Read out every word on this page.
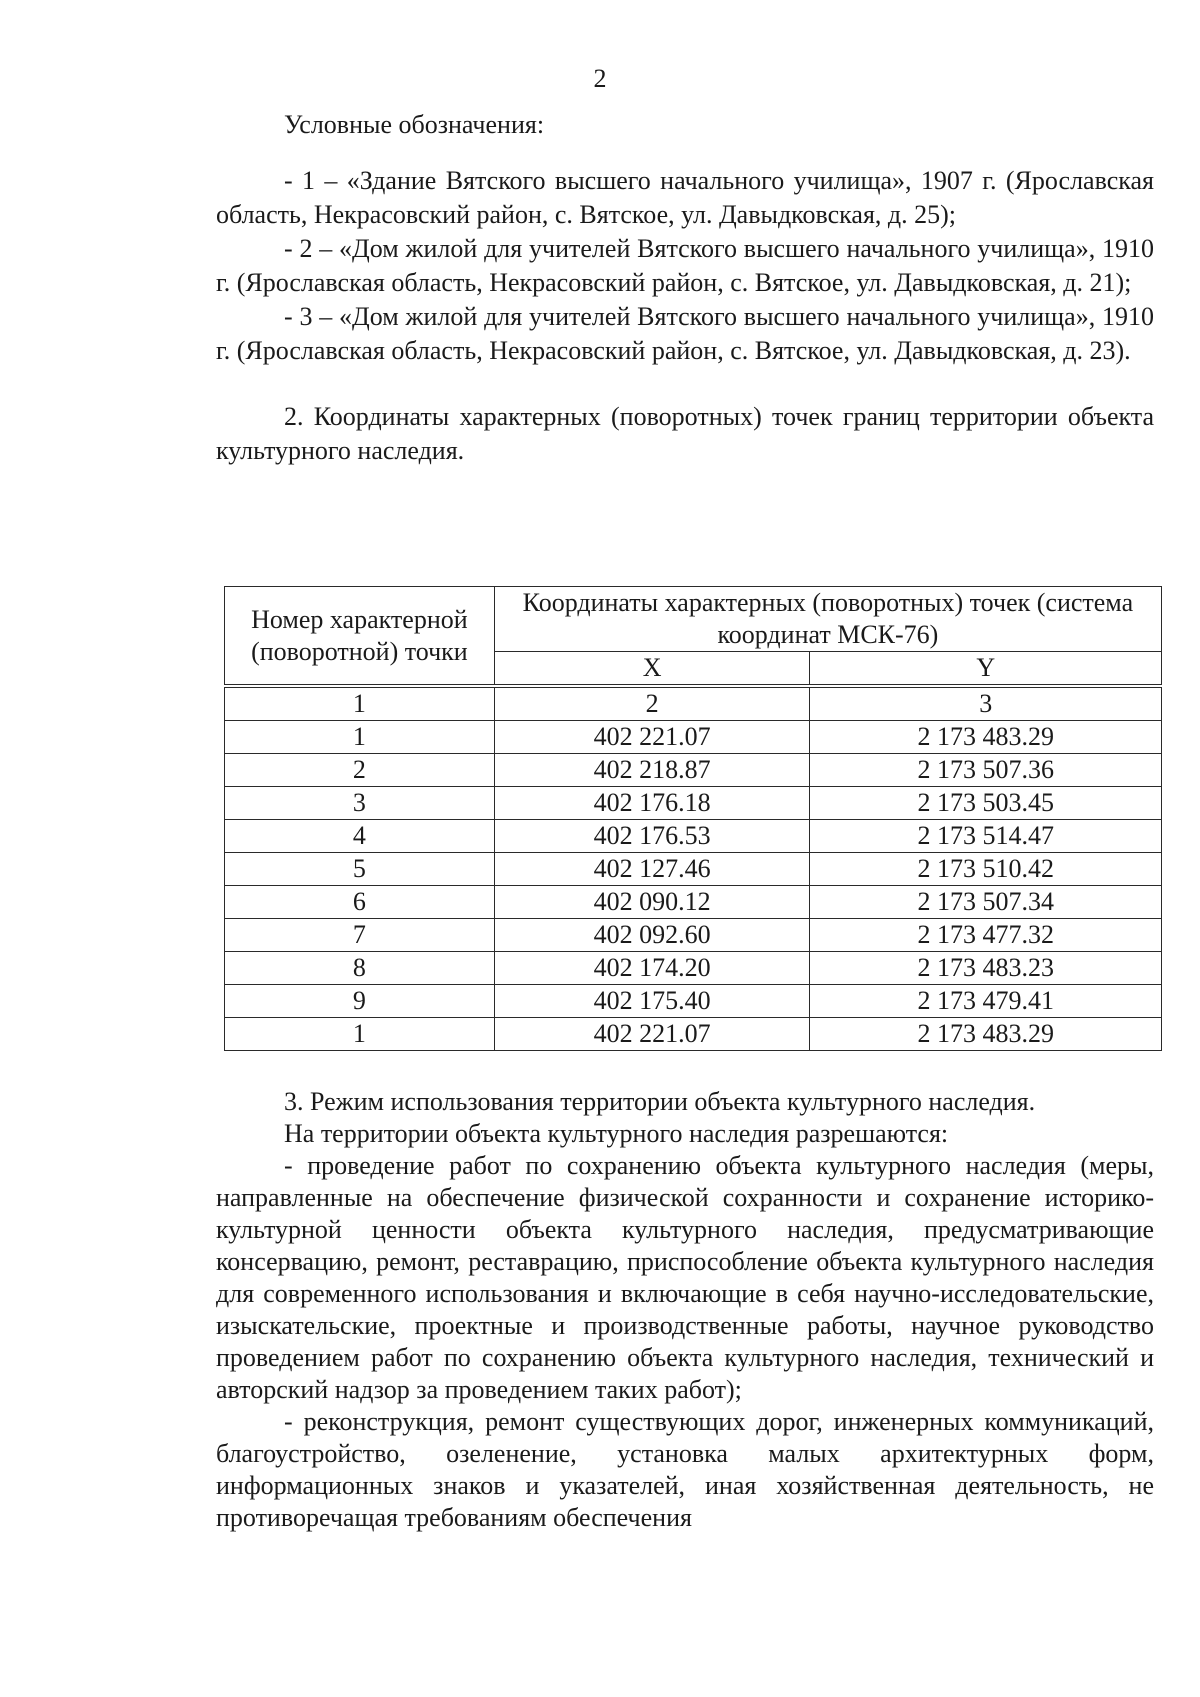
2

Условные обозначения:

- 1 – «Здание Вятского высшего начального училища», 1907 г. (Ярославская область, Некрасовский район, с. Вятское, ул. Давыдковская, д. 25);

- 2 – «Дом жилой для учителей Вятского высшего начального училища», 1910 г. (Ярославская область, Некрасовский район, с. Вятское, ул. Давыдковская, д. 21);

- 3 – «Дом жилой для учителей Вятского высшего начального училища», 1910 г. (Ярославская область, Некрасовский район, с. Вятское, ул. Давыдковская, д. 23).

2. Координаты характерных (поворотных) точек границ территории объекта культурного наследия.

Номер характерной (поворотной) точки	Координаты характерных (поворотных) точек (система координат МСК-76)	
	X	Y
1	2	3
1	402 221.07	2 173 483.29
2	402 218.87	2 173 507.36
3	402 176.18	2 173 503.45
4	402 176.53	2 173 514.47
5	402 127.46	2 173 510.42
6	402 090.12	2 173 507.34
7	402 092.60	2 173 477.32
8	402 174.20	2 173 483.23
9	402 175.40	2 173 479.41
1	402 221.07	2 173 483.29

3. Режим использования территории объекта культурного наследия.

На территории объекта культурного наследия разрешаются:

- проведение работ по сохранению объекта культурного наследия (меры, направленные на обеспечение физической сохранности и сохранение историко-культурной ценности объекта культурного наследия, предусматривающие консервацию, ремонт, реставрацию, приспособление объекта культурного наследия для современного использования и включающие в себя научно-исследовательские, изыскательские, проектные и производственные работы, научное руководство проведением работ по сохранению объекта культурного наследия, технический и авторский надзор за проведением таких работ);

- реконструкция, ремонт существующих дорог, инженерных коммуникаций, благоустройство, озеленение, установка малых архитектурных форм, информационных знаков и указателей, иная хозяйственная деятельность, не противоречащая требованиям обеспечения
